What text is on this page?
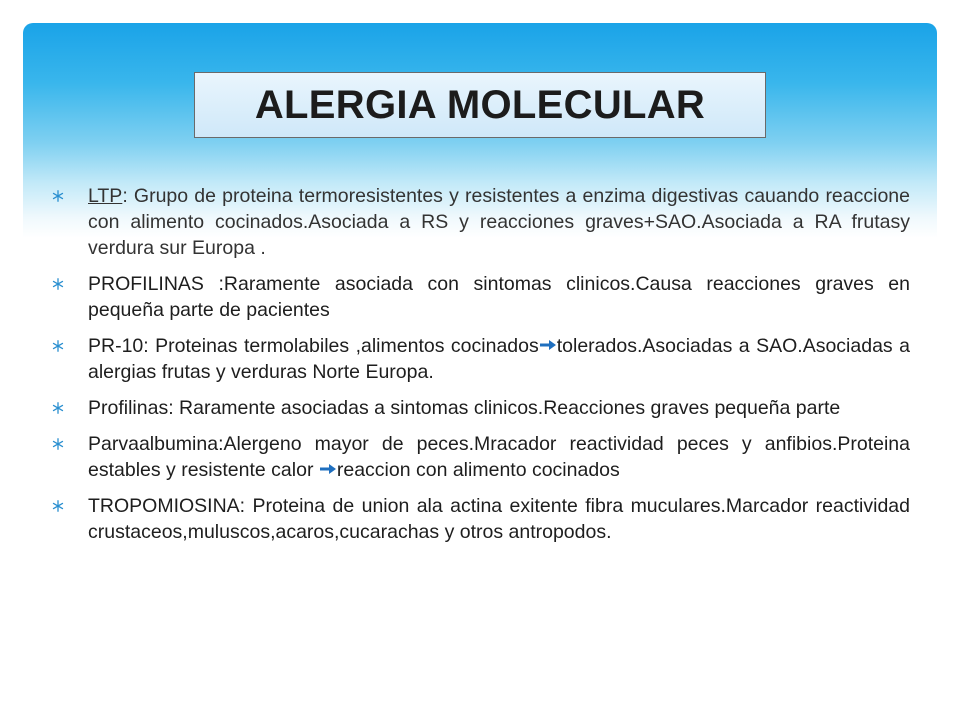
ALERGIA MOLECULAR
LTP: Grupo de proteina termoresistentes y resistentes a enzima digestivas cauando reaccione con alimento cocinados.Asociada a RS y reacciones graves+SAO.Asociada a RA frutasy verdura sur Europa .
PROFILINAS :Raramente asociada con sintomas clinicos.Causa reacciones graves en pequeña parte de pacientes
PR-10: Proteinas termolabiles ,alimentos cocinados tolerados.Asociadas a SAO.Asociadas a alergias frutas y verduras Norte Europa.
Profilinas: Raramente asociadas a sintomas clinicos.Reacciones graves pequeña parte
Parvaalbumina:Alergeno mayor de peces.Mracador reactividad peces y anfibios.Proteina estables y resistente calor reaccion con alimento cocinados
TROPOMIOSINA: Proteina de union ala actina exitente fibra muculares.Marcador reactividad crustaceos,muluscos,acaros,cucarachas y otros antropodos.
